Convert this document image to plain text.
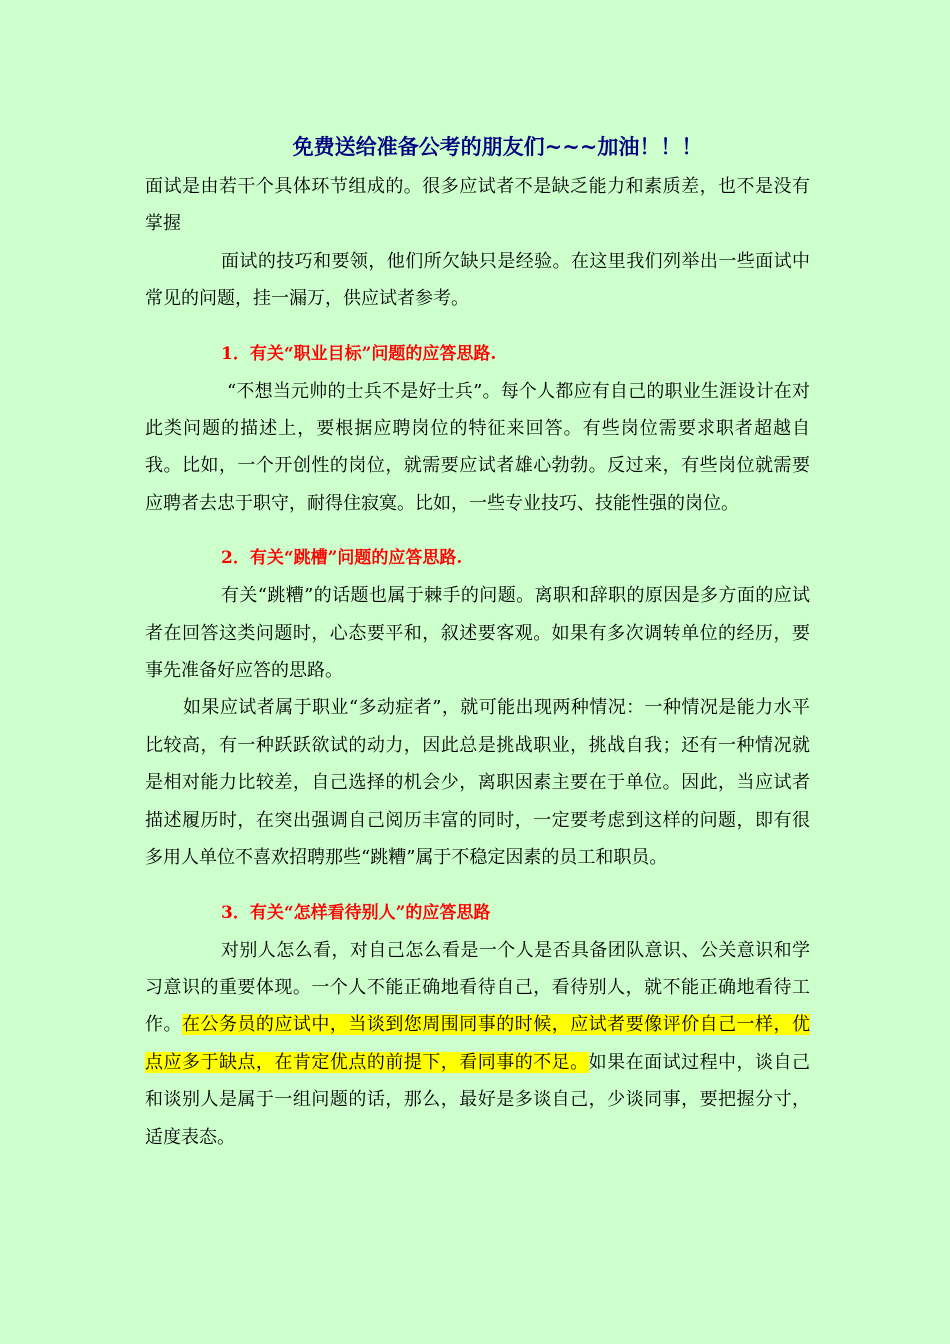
免费送给准备公考的朋友们~~~加油！！！

面试是由若干个具体环节组成的。很多应试者不是缺乏能力和素质差，也不是没有掌握

面试的技巧和要领，他们所欠缺只是经验。在这里我们列举出一些面试中常见的问题，挂一漏万，供应试者参考。

1．有关“职业目标”问题的应答思路.

“不想当元帅的士兵不是好士兵”。每个人都应有自己的职业生涯设计在对此类问题的描述上，要根据应聘岗位的特征来回答。有些岗位需要求职者超越自我。比如，一个开创性的岗位，就需要应试者雄心勃勃。反过来，有些岗位就需要应聘者去忠于职守，耐得住寂寞。比如，一些专业技巧、技能性强的岗位。

2．有关“跳槽”问题的应答思路.

有关“跳糟”的话题也属于棘手的问题。离职和辞职的原因是多方面的应试者在回答这类问题时，心态要平和，叙述要客观。如果有多次调转单位的经历，要事先准备好应答的思路。

如果应试者属于职业“多动症者”，就可能出现两种情况：一种情况是能力水平比较高，有一种跃跃欲试的动力，因此总是挑战职业，挑战自我；还有一种情况就是相对能力比较差，自己选择的机会少，离职因素主要在于单位。因此，当应试者描述履历时，在突出强调自己阅历丰富的同时，一定要考虑到这样的问题，即有很多用人单位不喜欢招聘那些“跳糟”属于不稳定因素的员工和职员。

3．有关“怎样看待别人”的应答思路

对别人怎么看，对自己怎么看是一个人是否具备团队意识、公关意识和学习意识的重要体现。一个人不能正确地看待自己，看待别人，就不能正确地看待工作。在公务员的应试中，当谈到您周围同事的时候，应试者要像评价自己一样，优点应多于缺点，在肯定优点的前提下，看同事的不足。如果在面试过程中，谈自己和谈别人是属于一组问题的话，那么，最好是多谈自己，少谈同事，要把握分寸，适度表态。
